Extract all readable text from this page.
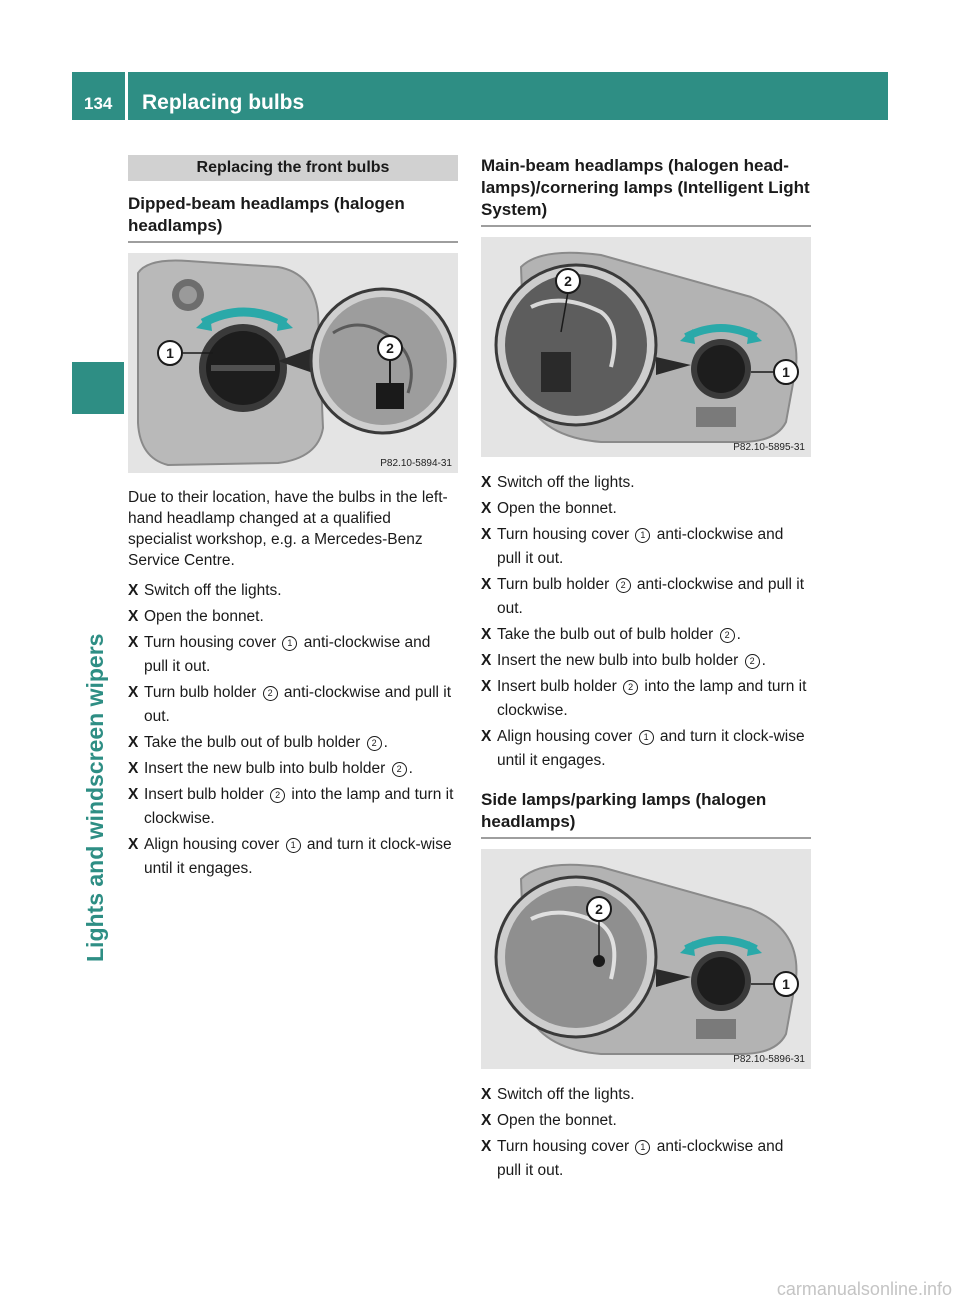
134 Replacing bulbs
Lights and windscreen wipers
Replacing the front bulbs
Dipped-beam headlamps (halogen headlamps)
1	2
P82.10-5894-31
Due to their location, have the bulbs in the left-hand headlamp changed at a qualified specialist workshop, e.g. a Mercedes-Benz Service Centre.
X Switch off the lights.
X Open the bonnet.
X Turn housing cover 1 anti-clockwise and pull it out.
X Turn bulb holder 2 anti-clockwise and pull it out.
X Take the bulb out of bulb holder 2 .
X Insert the new bulb into bulb holder 2 .
X Insert bulb holder 2 into the lamp and turn it clockwise.
X Align housing cover 1 and turn it clock-wise until it engages.
Main-beam headlamps (halogen head-lamps)/cornering lamps (Intelligent Light System)
2
1
P82.10-5895-31
X Switch off the lights.
X Open the bonnet.
X Turn housing cover 1 anti-clockwise and pull it out.
X Turn bulb holder 2 anti-clockwise and pull it out.
X Take the bulb out of bulb holder 2 .
X Insert the new bulb into bulb holder 2 .
X Insert bulb holder 2 into the lamp and turn it clockwise.
X Align housing cover 1 and turn it clock-wise until it engages.
Side lamps/parking lamps (halogen headlamps)
2
1
P82.10-5896-31
X Switch off the lights.
X Open the bonnet.
X Turn housing cover 1 anti-clockwise and pull it out.
carmanualsonline.info
